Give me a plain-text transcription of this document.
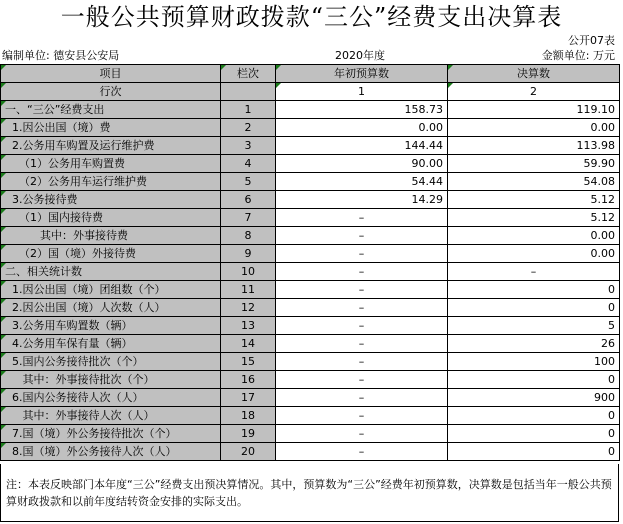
一般公共预算财政拨款“三公”经费支出决算表
公开07表
编制单位: 德安县公安局	2020年度	金额单位: 万元
项目	栏次	年初预算数	决算数
行次		1	2
一、“三公”经费支出	1	158.73	119.10
1.因公出国（境）费	2	0.00	0.00
2.公务用车购置及运行维护费	3	144.44	113.98
（1）公务用车购置费	4	90.00	59.90
（2）公务用车运行维护费	5	54.44	54.08
3.公务接待费	6	14.29	5.12
（1）国内接待费	7	–	5.12
其中：外事接待费	8	–	0.00
（2）国（境）外接待费	9	–	0.00
二、相关统计数	10	–	–
1.因公出国（境）团组数（个）	11	–	0
2.因公出国（境）人次数（人）	12	–	0
3.公务用车购置数（辆）	13	–	5
4.公务用车保有量（辆）	14	–	26
5.国内公务接待批次（个）	15	–	100
其中：外事接待批次（个）	16	–	0
6.国内公务接待人次（人）	17	–	900
其中：外事接待人次（人）	18	–	0
7.国（境）外公务接待批次（个）	19	–	0
8.国（境）外公务接待人次（人）	20	–	0
注：本表反映部门本年度“三公”经费支出预决算情况。其中，预算数为“三公”经费年初预算数，决算数是包括当年一般公共预算财政拨款和以前年度结转资金安排的实际支出。
